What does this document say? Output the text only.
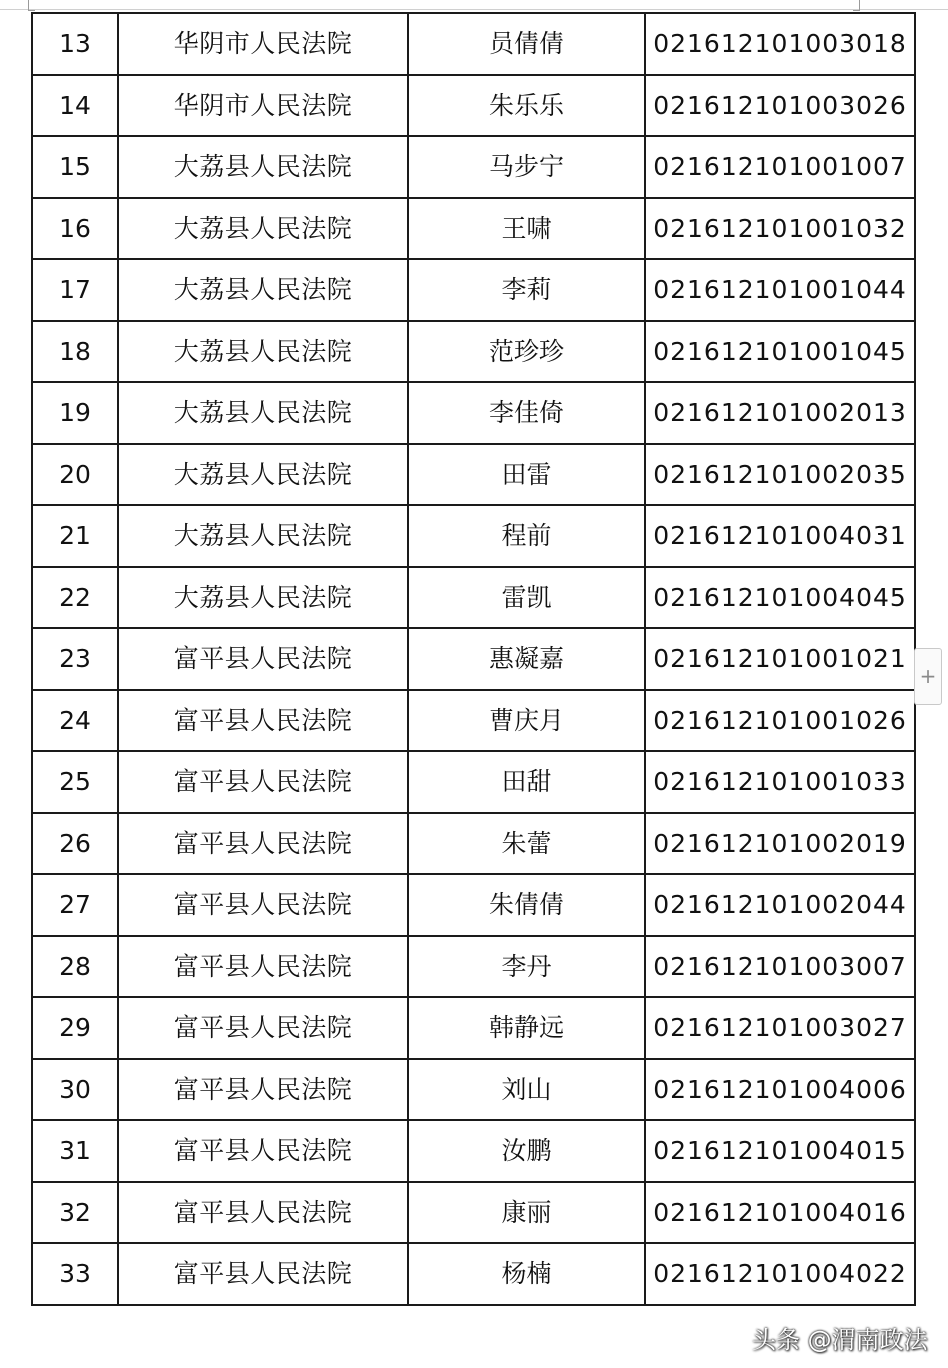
13	华阴市人民法院	员倩倩	021612101003018
14	华阴市人民法院	朱乐乐	021612101003026
15	大荔县人民法院	马步宁	021612101001007
16	大荔县人民法院	王啸	021612101001032
17	大荔县人民法院	李莉	021612101001044
18	大荔县人民法院	范珍珍	021612101001045
19	大荔县人民法院	李佳倚	021612101002013
20	大荔县人民法院	田雷	021612101002035
21	大荔县人民法院	程前	021612101004031
22	大荔县人民法院	雷凯	021612101004045
23	富平县人民法院	惠凝嘉	021612101001021
24	富平县人民法院	曹庆月	021612101001026
25	富平县人民法院	田甜	021612101001033
26	富平县人民法院	朱蕾	021612101002019
27	富平县人民法院	朱倩倩	021612101002044
28	富平县人民法院	李丹	021612101003007
29	富平县人民法院	韩静远	021612101003027
30	富平县人民法院	刘山	021612101004006
31	富平县人民法院	汝鹏	021612101004015
32	富平县人民法院	康丽	021612101004016
33	富平县人民法院	杨楠	021612101004022
+
头条 @渭南政法
